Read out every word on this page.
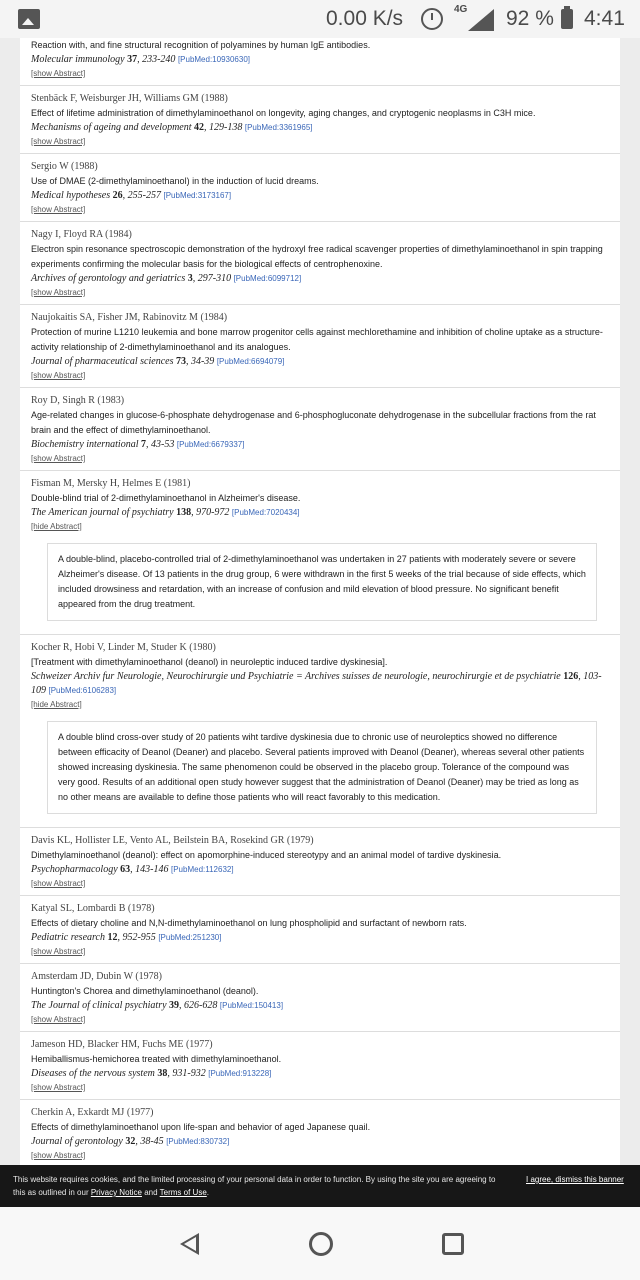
0.00 K/s	4G 92 % 4:41
Reaction with, and fine structural recognition of polyamines by human IgE antibodies.
Molecular immunology 37, 233-240 [PubMed:10930630]
[show Abstract]
Stenbäck F, Weisburger JH, Williams GM (1988)
Effect of lifetime administration of dimethylaminoethanol on longevity, aging changes, and cryptogenic neoplasms in C3H mice.
Mechanisms of ageing and development 42, 129-138 [PubMed:3361965]
[show Abstract]
Sergio W (1988)
Use of DMAE (2-dimethylaminoethanol) in the induction of lucid dreams.
Medical hypotheses 26, 255-257 [PubMed:3173167]
[show Abstract]
Nagy I, Floyd RA (1984)
Electron spin resonance spectroscopic demonstration of the hydroxyl free radical scavenger properties of dimethylaminoethanol in spin trapping experiments confirming the molecular basis for the biological effects of centrophenoxine.
Archives of gerontology and geriatrics 3, 297-310 [PubMed:6099712]
[show Abstract]
Naujokaitis SA, Fisher JM, Rabinovitz M (1984)
Protection of murine L1210 leukemia and bone marrow progenitor cells against mechlorethamine and inhibition of choline uptake as a structure-activity relationship of 2-dimethylaminoethanol and its analogues.
Journal of pharmaceutical sciences 73, 34-39 [PubMed:6694079]
[show Abstract]
Roy D, Singh R (1983)
Age-related changes in glucose-6-phosphate dehydrogenase and 6-phosphogluconate dehydrogenase in the subcellular fractions from the rat brain and the effect of dimethylaminoethanol.
Biochemistry international 7, 43-53 [PubMed:6679337]
[show Abstract]
Fisman M, Mersky H, Helmes E (1981)
Double-blind trial of 2-dimethylaminoethanol in Alzheimer's disease.
The American journal of psychiatry 138, 970-972 [PubMed:7020434]
[hide Abstract]
A double-blind, placebo-controlled trial of 2-dimethylaminoethanol was undertaken in 27 patients with moderately severe or severe Alzheimer's disease. Of 13 patients in the drug group, 6 were withdrawn in the first 5 weeks of the trial because of side effects, which included drowsiness and retardation, with an increase of confusion and mild elevation of blood pressure. No significant benefit appeared from the drug treatment.
Kocher R, Hobi V, Linder M, Studer K (1980)
[Treatment with dimethylaminoethanol (deanol) in neuroleptic induced tardive dyskinesia].
Schweizer Archiv fur Neurologie, Neurochirurgie und Psychiatrie = Archives suisses de neurologie, neurochirurgie et de psychiatrie 126, 103-109 [PubMed:6106283]
[hide Abstract]
A double blind cross-over study of 20 patients wiht tardive dyskinesia due to chronic use of neuroleptics showed no difference between efficacity of Deanol (Deaner) and placebo. Several patients improved with Deanol (Deaner), whereas several other patients showed increasing dyskinesia. The same phenomenon could be observed in the placebo group. Tolerance of the compound was very good. Results of an additional open study however suggest that the administration of Deanol (Deaner) may be tried as long as no other means are available to define those patients who will react favorably to this medication.
Davis KL, Hollister LE, Vento AL, Beilstein BA, Rosekind GR (1979)
Dimethylaminoethanol (deanol): effect on apomorphine-induced stereotypy and an animal model of tardive dyskinesia.
Psychopharmacology 63, 143-146 [PubMed:112632]
[show Abstract]
Katyal SL, Lombardi B (1978)
Effects of dietary choline and N,N-dimethylaminoethanol on lung phospholipid and surfactant of newborn rats.
Pediatric research 12, 952-955 [PubMed:251230]
[show Abstract]
Amsterdam JD, Dubin W (1978)
Huntington's Chorea and dimethylaminoethanol (deanol).
The Journal of clinical psychiatry 39, 626-628 [PubMed:150413]
[show Abstract]
Jameson HD, Blacker HM, Fuchs ME (1977)
Hemiballismus-hemichorea treated with dimethylaminoethanol.
Diseases of the nervous system 38, 931-932 [PubMed:913228]
[show Abstract]
Cherkin A, Exkardt MJ (1977)
Effects of dimethylaminoethanol upon life-span and behavior of aged Japanese quail.
Journal of gerontology 32, 38-45 [PubMed:830732]
[show Abstract]
This website requires cookies, and the limited processing of your personal data in order to function. By using the site you are agreeing to this as outlined in our Privacy Notice and Terms of Use.
I agree, dismiss this banner
